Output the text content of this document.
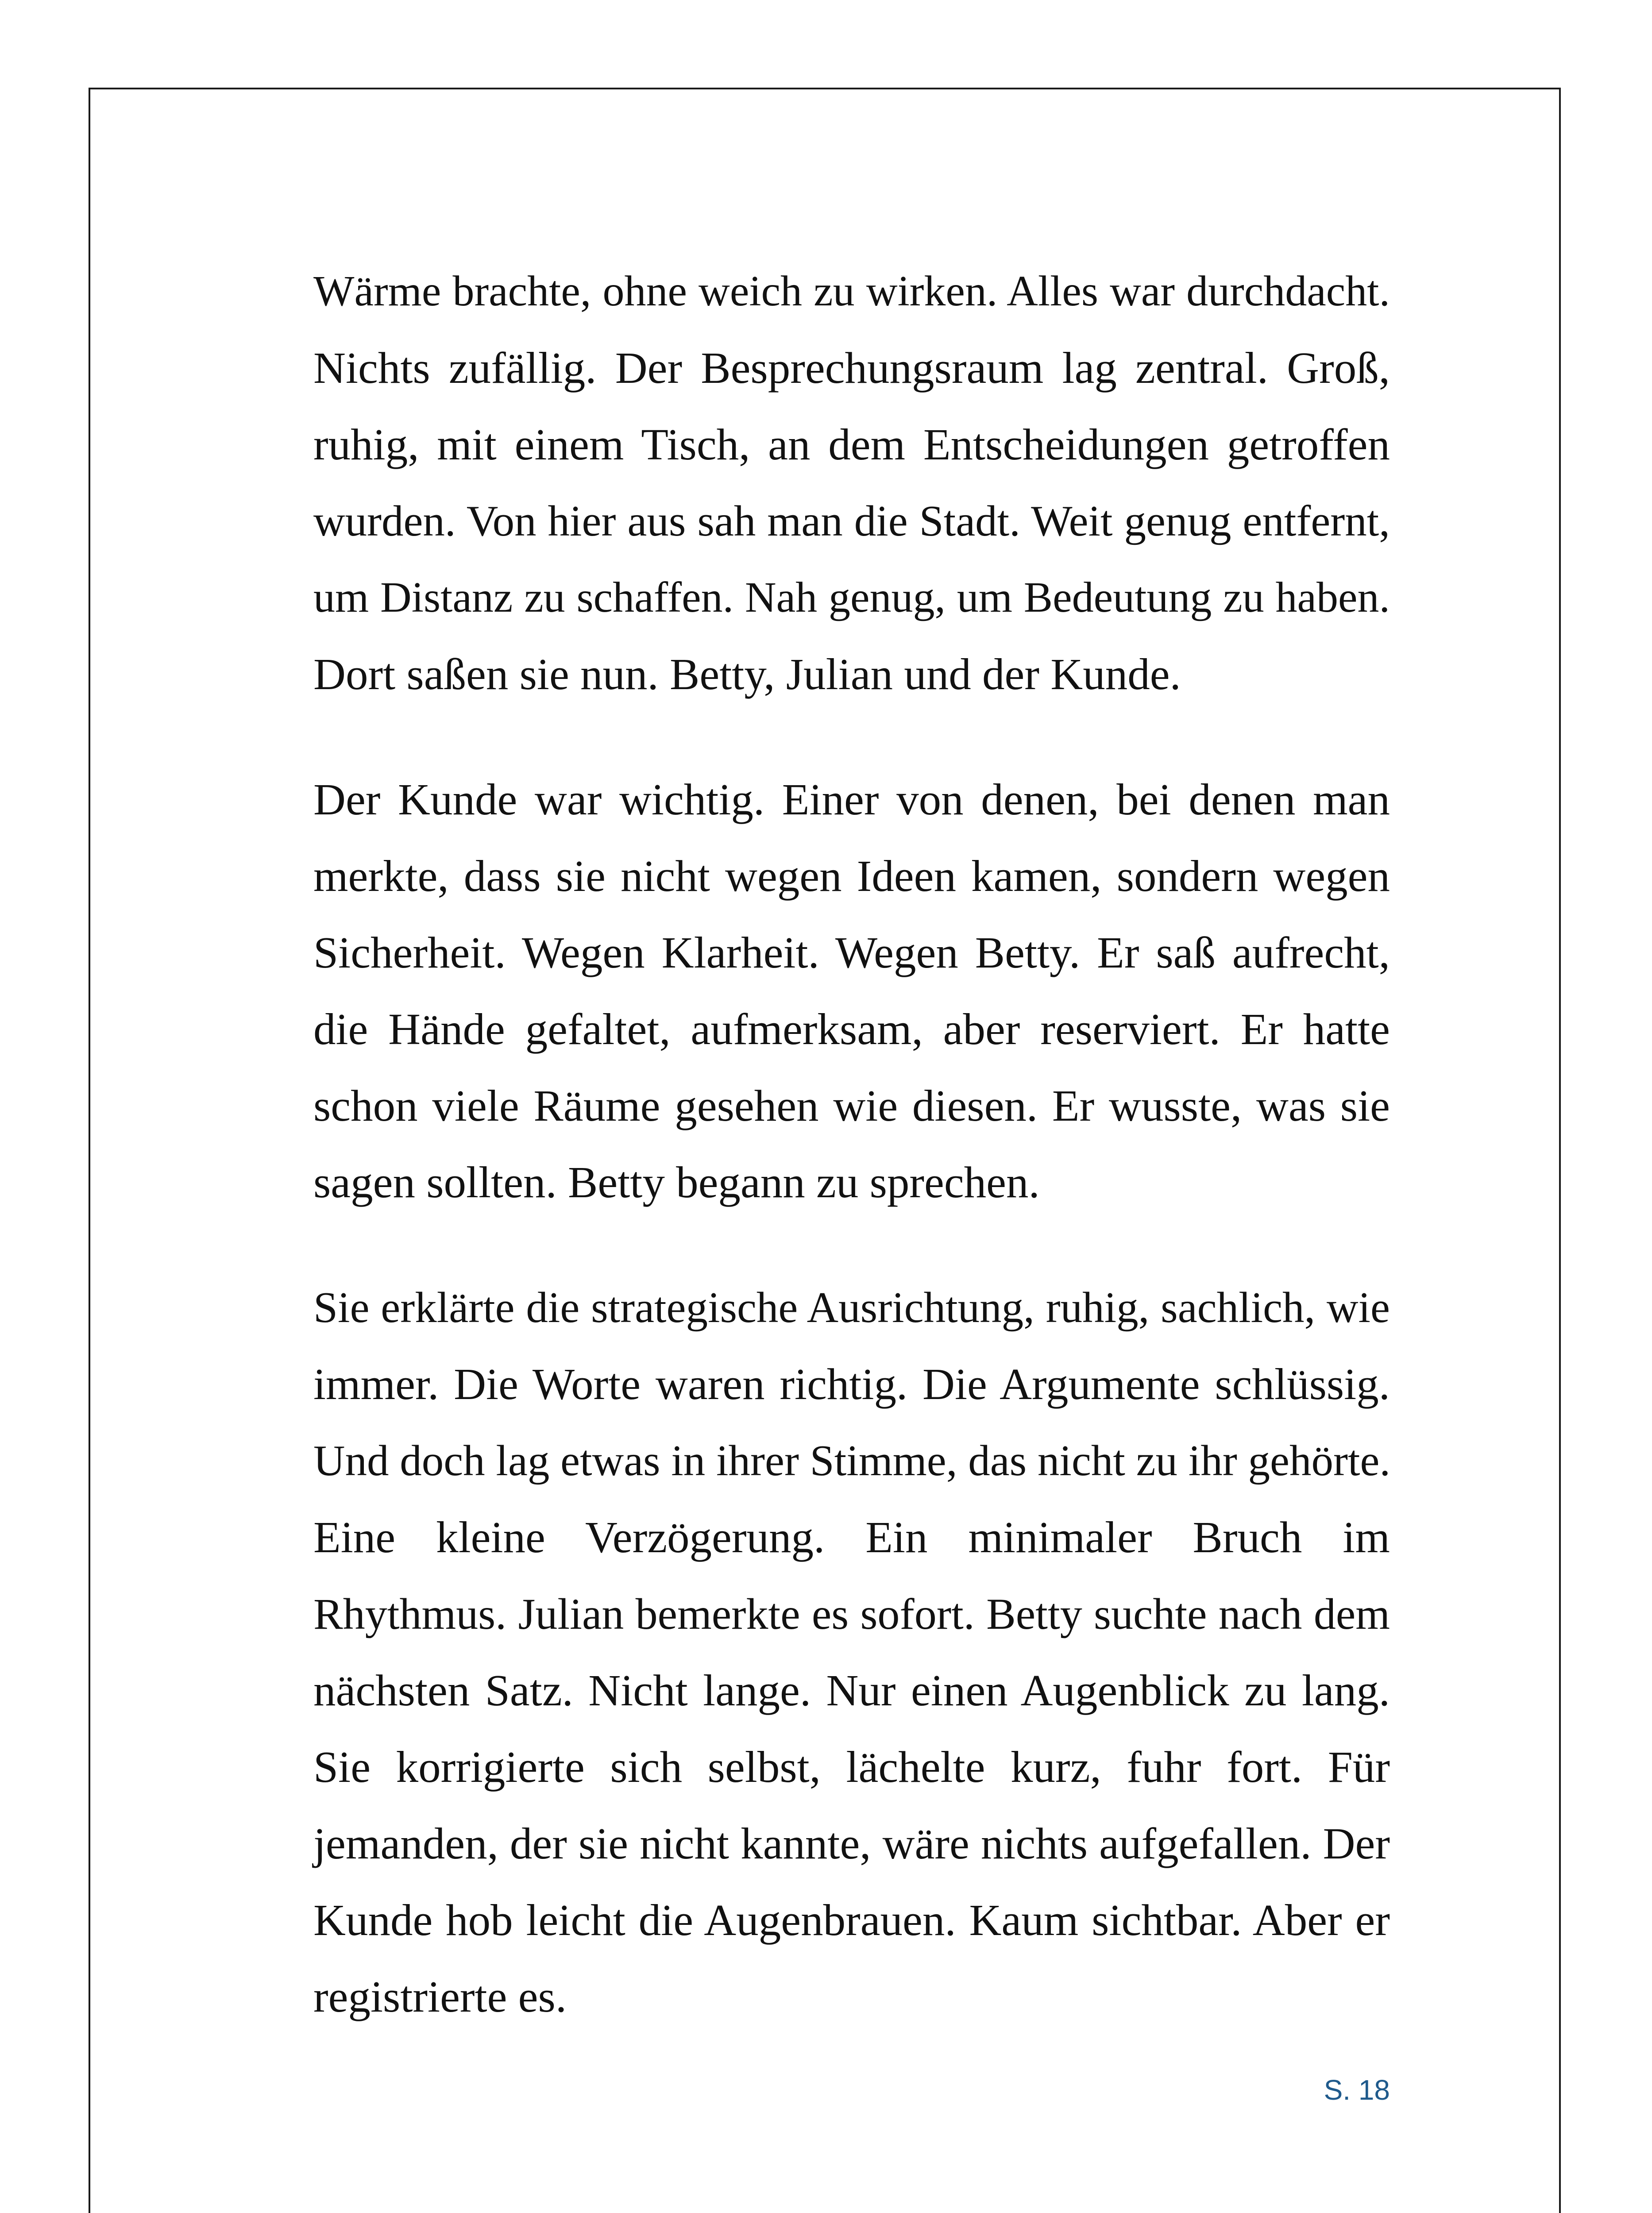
Wärme brachte, ohne weich zu wirken. Alles war durchdacht.
Nichts zufällig. Der Besprechungsraum lag zentral. Groß,
ruhig, mit einem Tisch, an dem Entscheidungen getroffen
wurden. Von hier aus sah man die Stadt. Weit genug entfernt,
um Distanz zu schaffen. Nah genug, um Bedeutung zu haben.
Dort saßen sie nun. Betty, Julian und der Kunde.
Der Kunde war wichtig. Einer von denen, bei denen man
merkte, dass sie nicht wegen Ideen kamen, sondern wegen
Sicherheit. Wegen Klarheit. Wegen Betty. Er saß aufrecht,
die Hände gefaltet, aufmerksam, aber reserviert. Er hatte
schon viele Räume gesehen wie diesen. Er wusste, was sie
sagen sollten. Betty begann zu sprechen.
Sie erklärte die strategische Ausrichtung, ruhig, sachlich, wie
immer. Die Worte waren richtig. Die Argumente schlüssig.
Und doch lag etwas in ihrer Stimme, das nicht zu ihr gehörte.
Eine kleine Verzögerung. Ein minimaler Bruch im
Rhythmus. Julian bemerkte es sofort. Betty suchte nach dem
nächsten Satz. Nicht lange. Nur einen Augenblick zu lang.
Sie korrigierte sich selbst, lächelte kurz, fuhr fort. Für
jemanden, der sie nicht kannte, wäre nichts aufgefallen. Der
Kunde hob leicht die Augenbrauen. Kaum sichtbar. Aber er
registrierte es.
S. 18
